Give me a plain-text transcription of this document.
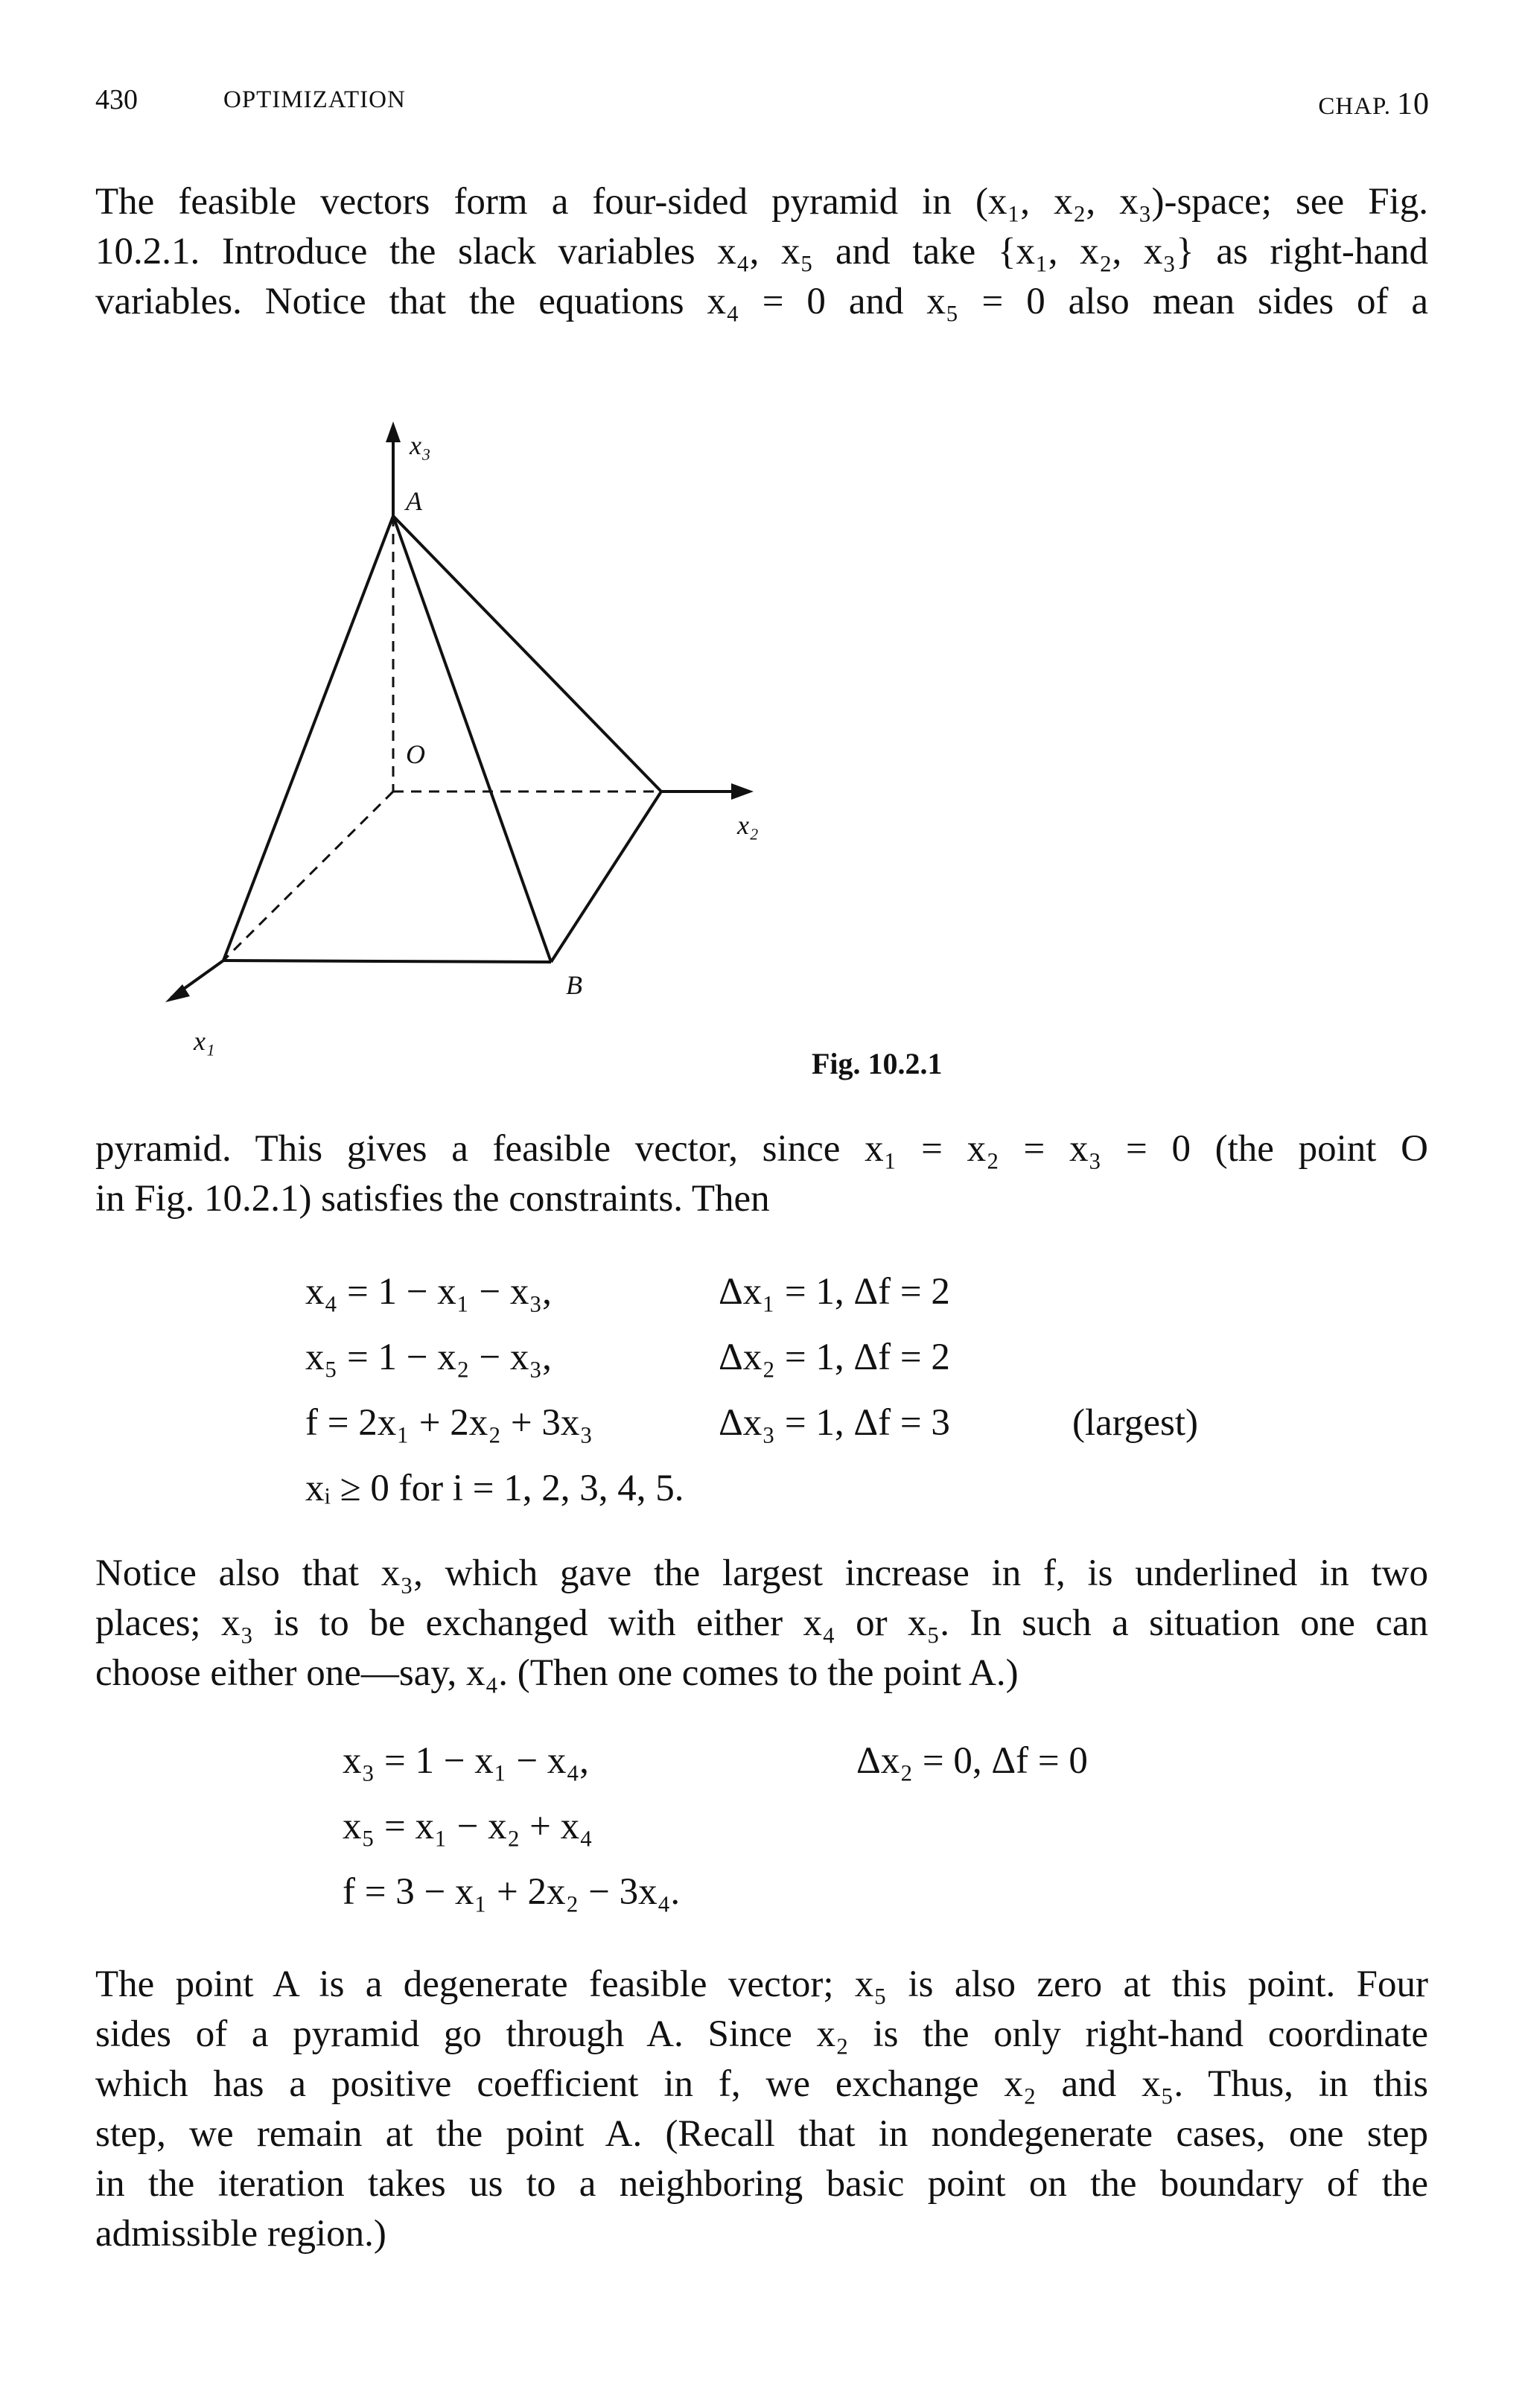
430	OPTIMIZATION	CHAP. 10
The feasible vectors form a four-sided pyramid in (x₁, x₂, x₃)-space; see Fig.
10.2.1. Introduce the slack variables x₄, x₅ and take {x₁, x₂, x₃} as right-hand
variables. Notice that the equations x₄ = 0 and x₅ = 0 also mean sides of a
x₃
A
O
x₂
B
x₁
Fig. 10.2.1
pyramid. This gives a feasible vector, since x₁ = x₂ = x₃ = 0 (the point O
in Fig. 10.2.1) satisfies the constraints. Then
x₄ = 1 − x₁ − x₃,	Δx₁ = 1, Δf = 2
x₅ = 1 − x₂ − x₃,	Δx₂ = 1, Δf = 2
f = 2x₁ + 2x₂ + 3x₃	Δx₃ = 1, Δf = 3	(largest)
xᵢ ≥ 0 for i = 1, 2, 3, 4, 5.
Notice also that x₃, which gave the largest increase in f, is underlined in two
places; x₃ is to be exchanged with either x₄ or x₅. In such a situation one can
choose either one—say, x₄. (Then one comes to the point A.)
x₃ = 1 − x₁ − x₄,	Δx₂ = 0, Δf = 0
x₅ = x₁ − x₂ + x₄
f = 3 − x₁ + 2x₂ − 3x₄.
The point A is a degenerate feasible vector; x₅ is also zero at this point. Four
sides of a pyramid go through A. Since x₂ is the only right-hand coordinate
which has a positive coefficient in f, we exchange x₂ and x₅. Thus, in this
step, we remain at the point A. (Recall that in nondegenerate cases, one step
in the iteration takes us to a neighboring basic point on the boundary of the
admissible region.)
